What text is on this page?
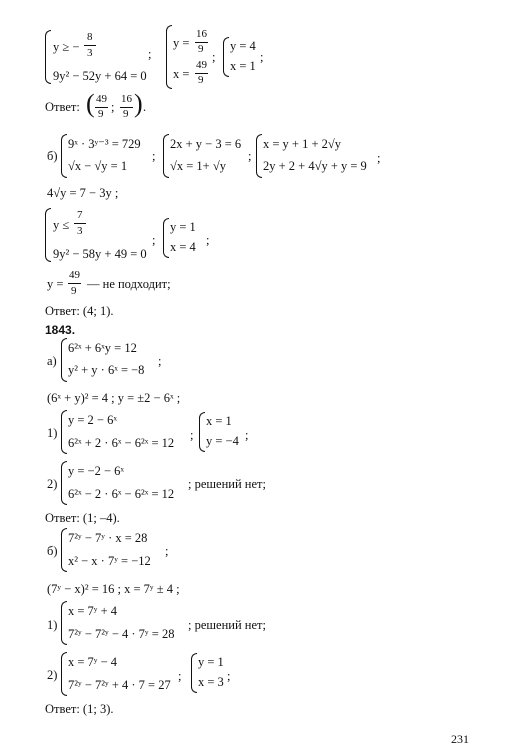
y ≥ −
8
3
9y² − 52y + 64 = 0
;
y =
16
9
x =
49
9
;
y = 4
x = 1
;
Ответ: ( 49
9 ;
16
9 ) .
б)
9ˣ · 3ʸ⁻³ = 729
√x − √y = 1
;
2x + y − 3 = 6
√x = 1+ √y
;
x = y + 1 + 2√y
2y + 2 + 4√y + y = 9
;
4√y = 7 − 3y ;
y ≤
7
3
9y² − 58y + 49 = 0
;
y = 1
x = 4 ;
y =
49
9 — не подходит;
Ответ: (4; 1).
1843.
а)
6²ˣ + 6ˣy = 12
y² + y · 6ˣ = −8
;
(6ˣ + y)² = 4 ; y = ±2 − 6ˣ ;
1)
y = 2 − 6ˣ
6²ˣ + 2 · 6ˣ − 6²ˣ = 12
;
x = 1
y = −4 ;
2)
y = −2 − 6ˣ
6²ˣ − 2 · 6ˣ − 6²ˣ = 12
; решений нет;
Ответ: (1; –4).
б)
7²ʸ − 7ʸ · x = 28
x² − x · 7ʸ = −12
;
(7ʸ − x)² = 16 ; x = 7ʸ ± 4 ;
1)
x = 7ʸ + 4
7²ʸ − 7²ʸ − 4 · 7ʸ = 28
; решений нет;
2)
x = 7ʸ − 4
7²ʸ − 7²ʸ + 4 · 7 = 27
;
y = 1
x = 3 ;
Ответ: (1; 3).
231
